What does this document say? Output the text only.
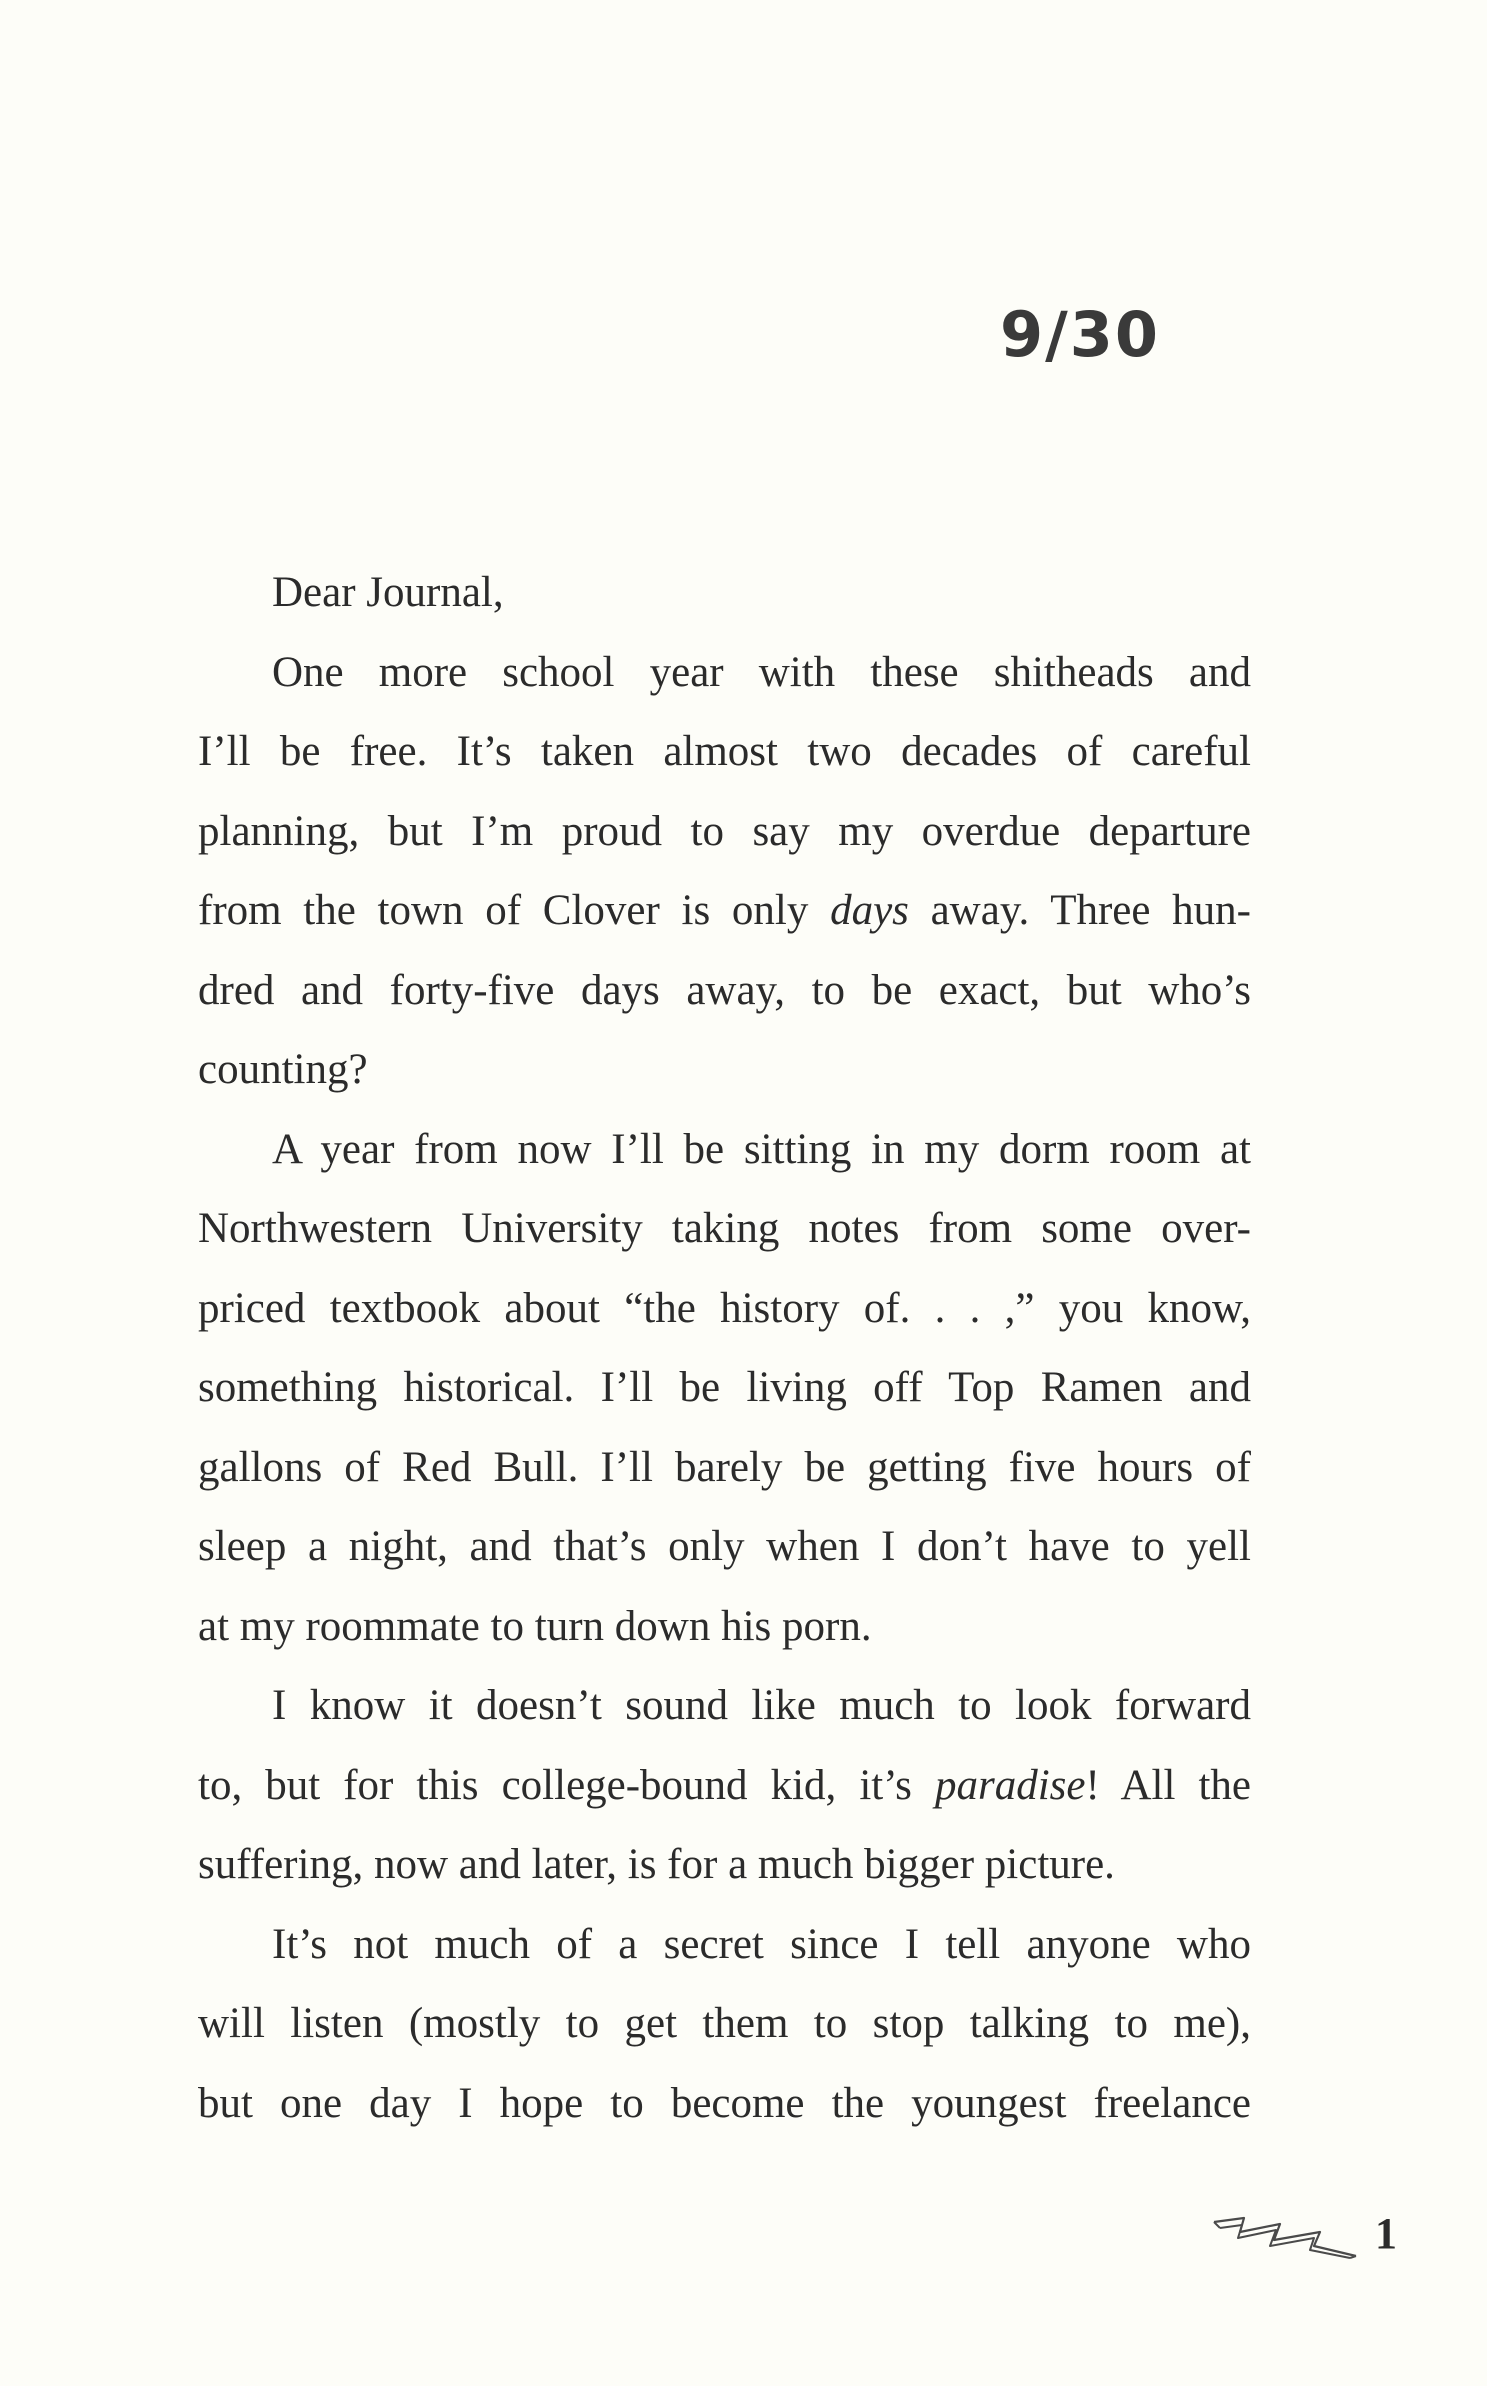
9/30
Dear Journal,
One more school year with these shitheads and
I’ll be free. It’s taken almost two decades of careful
planning, but I’m proud to say my overdue departure
from the town of Clover is only days away. Three hun-
dred and forty-five days away, to be exact, but who’s
counting?
A year from now I’ll be sitting in my dorm room at
Northwestern University taking notes from some over-
priced textbook about “the history of. . . ,” you know,
something historical. I’ll be living off Top Ramen and
gallons of Red Bull. I’ll barely be getting five hours of
sleep a night, and that’s only when I don’t have to yell
at my roommate to turn down his porn.
I know it doesn’t sound like much to look forward
to, but for this college-bound kid, it’s paradise! All the
suffering, now and later, is for a much bigger picture.
It’s not much of a secret since I tell anyone who
will listen (mostly to get them to stop talking to me),
but one day I hope to become the youngest freelance
1
